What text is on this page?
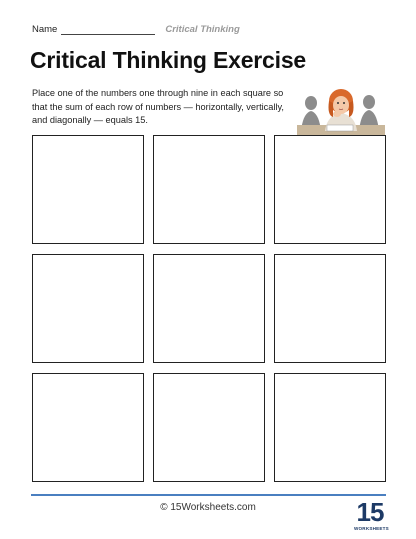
Name	Critical Thinking
Critical Thinking Exercise
Place one of the numbers one through nine in each square so that the sum of each row of numbers — horizontally, vertically, and diagonally — equals 15.
© 15Worksheets.com	15
WORKSHEETS
